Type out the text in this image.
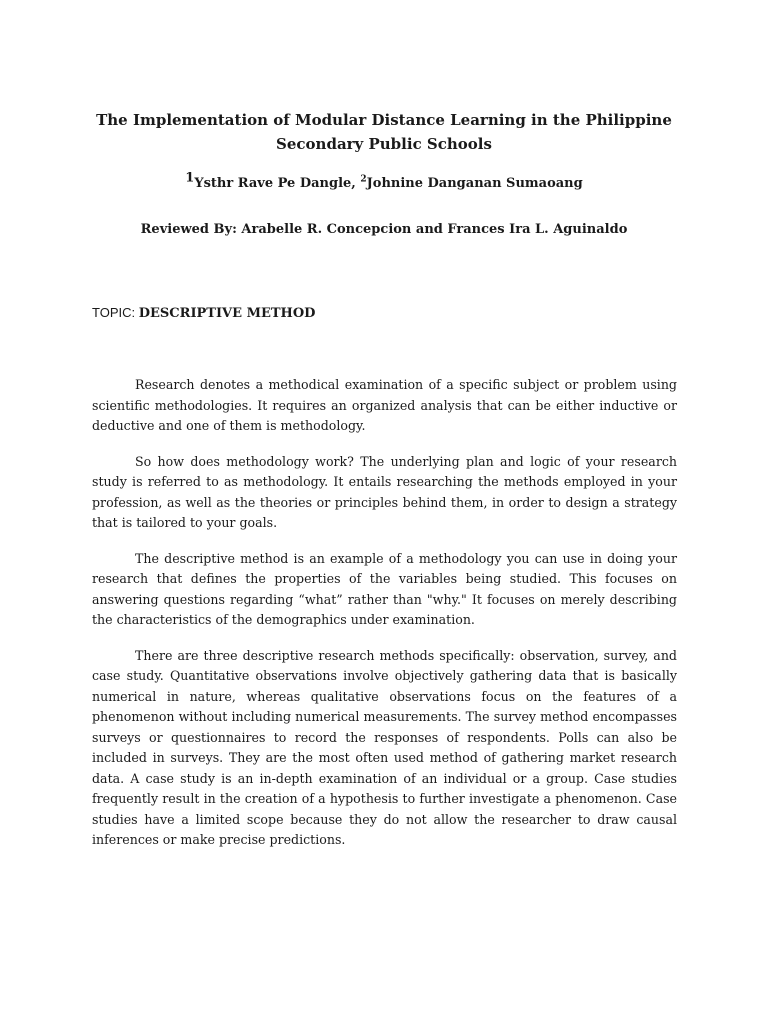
The Implementation of Modular Distance Learning in the Philippine Secondary Public Schools

$^1$Ysthr Rave Pe Dangle, $^2$Johnine Danganan Sumaoang

Reviewed By: Arabelle R. Concepcion and Frances Ira L. Aguinaldo

TOPIC: DESCRIPTIVE METHOD

Research denotes a methodical examination of a specific subject or problem using scientific methodologies. It requires an organized analysis that can be either inductive or deductive and one of them is methodology.

So how does methodology work? The underlying plan and logic of your research study is referred to as methodology. It entails researching the methods employed in your profession, as well as the theories or principles behind them, in order to design a strategy that is tailored to your goals.

The descriptive method is an example of a methodology you can use in doing your research that defines the properties of the variables being studied. This focuses on answering questions regarding “what” rather than "why." It focuses on merely describing the characteristics of the demographics under examination.

There are three descriptive research methods specifically: observation, survey, and case study. Quantitative observations involve objectively gathering data that is basically numerical in nature, whereas qualitative observations focus on the features of a phenomenon without including numerical measurements. The survey method encompasses surveys or questionnaires to record the responses of respondents. Polls can also be included in surveys. They are the most often used method of gathering market research data. A case study is an in-depth examination of an individual or a group. Case studies frequently result in the creation of a hypothesis to further investigate a phenomenon. Case studies have a limited scope because they do not allow the researcher to draw causal inferences or make precise predictions.
